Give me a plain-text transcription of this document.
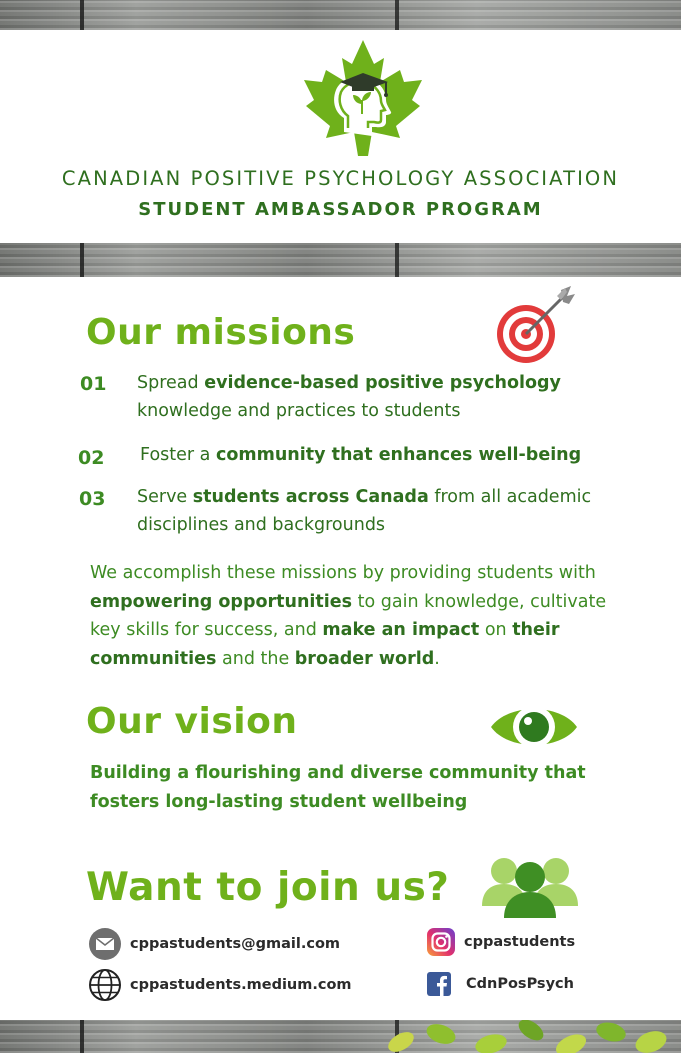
CANADIAN POSITIVE PSYCHOLOGY ASSOCIATION
STUDENT AMBASSADOR PROGRAM
Our missions
01 Spread evidence-based positive psychology knowledge and practices to students
02 Foster a community that enhances well-being
03 Serve students across Canada from all academic disciplines and backgrounds
We accomplish these missions by providing students with empowering opportunities to gain knowledge, cultivate key skills for success, and make an impact on their communities and the broader world.
Our vision
Building a flourishing and diverse community that fosters long-lasting student wellbeing
Want to join us?
cppastudents@gmail.com
cppastudents.medium.com
cppastudents
CdnPosPsych
